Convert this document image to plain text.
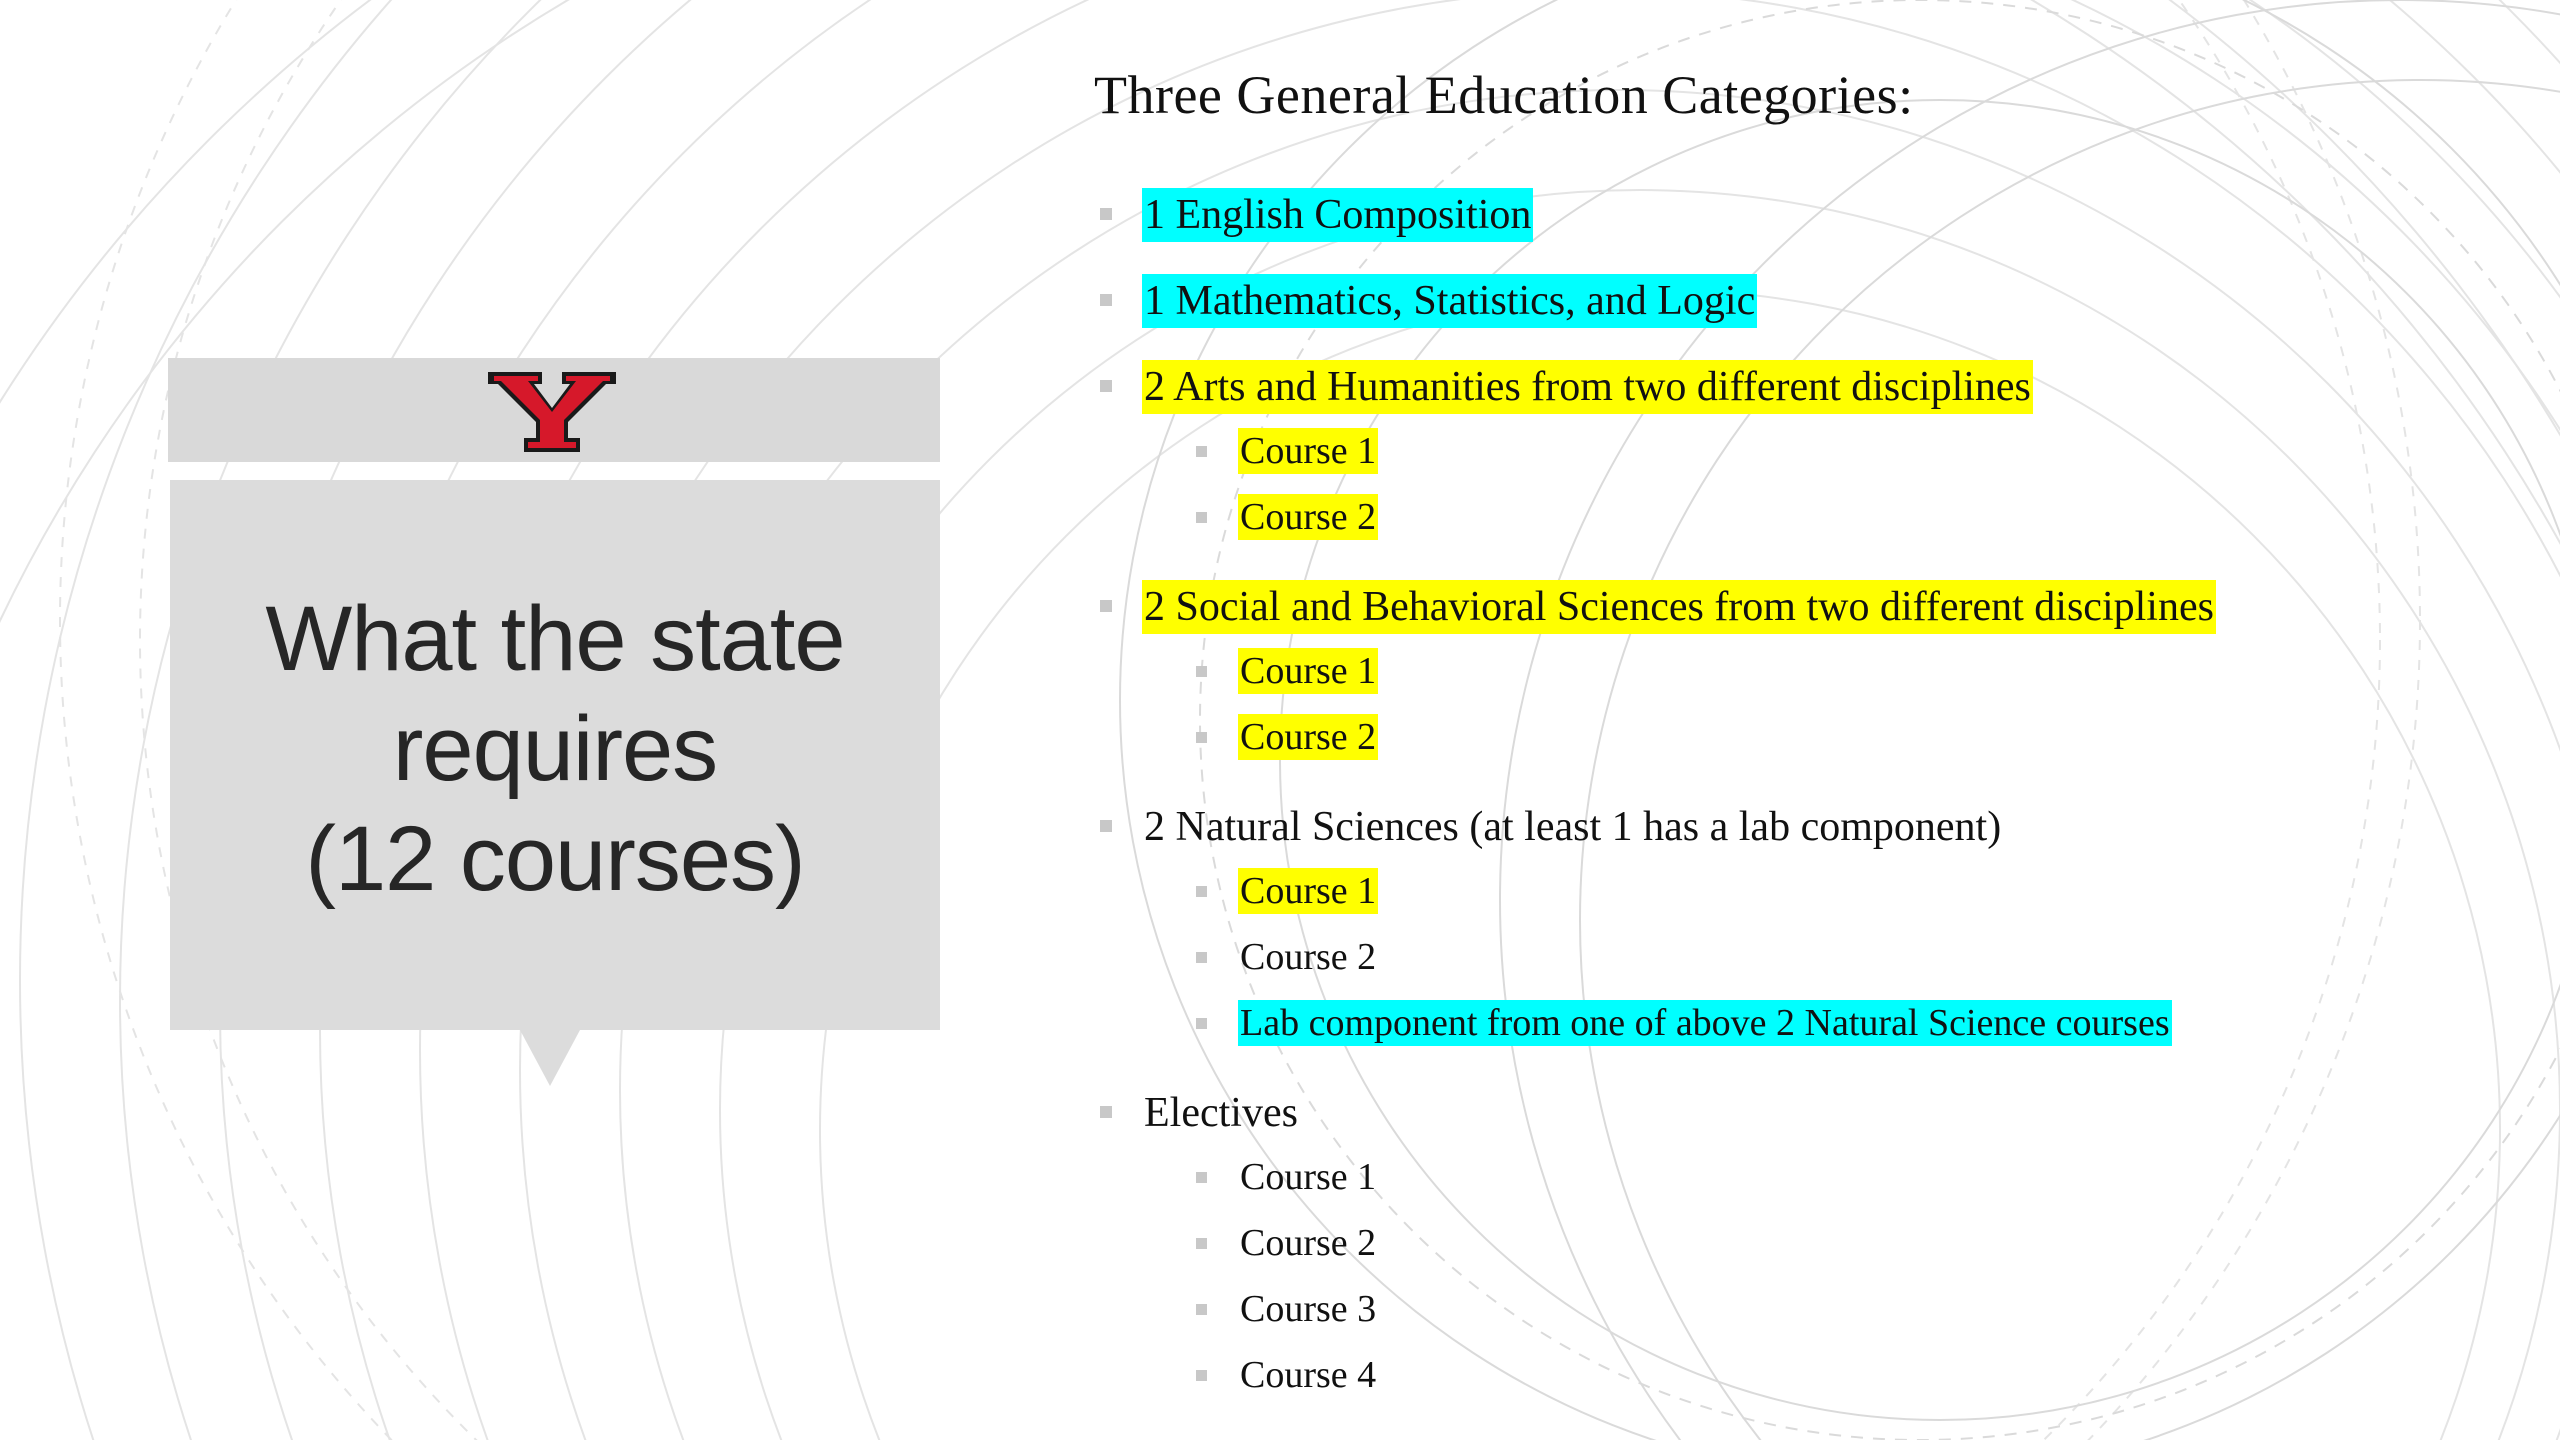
What the state
requires
(12 courses)
Three General Education Categories:
1 English Composition
1 Mathematics, Statistics, and Logic
2 Arts and Humanities from two different disciplines
Course 1
Course 2
2 Social and Behavioral Sciences from two different disciplines
Course 1
Course 2
2 Natural Sciences (at least 1 has a lab component)
Course 1
Course 2
Lab component from one of above 2 Natural Science courses
Electives
Course 1
Course 2
Course 3
Course 4
